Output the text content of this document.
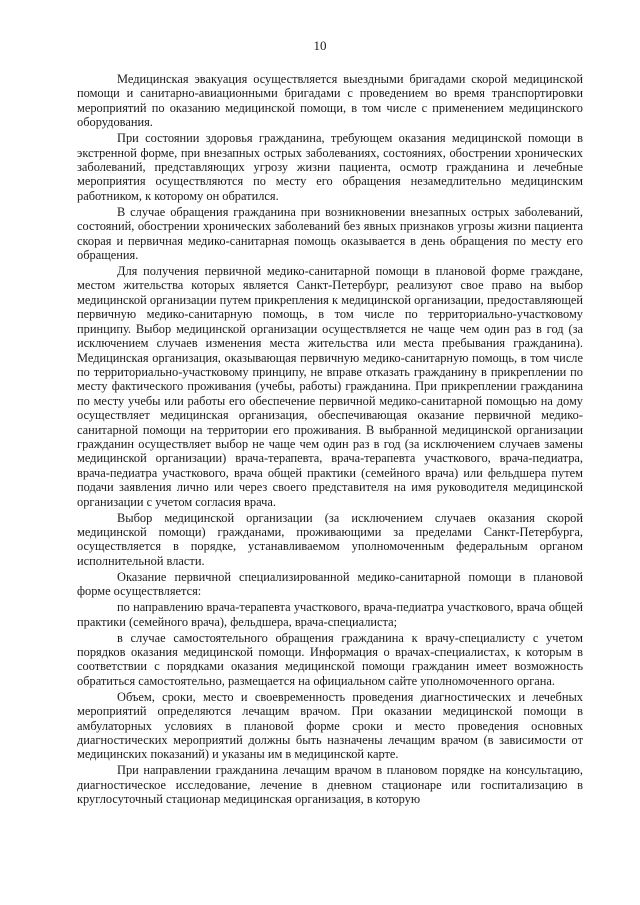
10

Медицинская эвакуация осуществляется выездными бригадами скорой медицинской помощи и санитарно-авиационными бригадами с проведением во время транспортировки мероприятий по оказанию медицинской помощи, в том числе с применением медицинского оборудования.

При состоянии здоровья гражданина, требующем оказания медицинской помощи в экстренной форме, при внезапных острых заболеваниях, состояниях, обострении хронических заболеваний, представляющих угрозу жизни пациента, осмотр гражданина и лечебные мероприятия осуществляются по месту его обращения незамедлительно медицинским работником, к которому он обратился.

В случае обращения гражданина при возникновении внезапных острых заболеваний, состояний, обострении хронических заболеваний без явных признаков угрозы жизни пациента скорая и первичная медико-санитарная помощь оказывается в день обращения по месту его обращения.

Для получения первичной медико-санитарной помощи в плановой форме граждане, местом жительства которых является Санкт-Петербург, реализуют свое право на выбор медицинской организации путем прикрепления к медицинской организации, предоставляющей первичную медико-санитарную помощь, в том числе по территориально-участковому принципу. Выбор медицинской организации осуществляется не чаще чем один раз в год (за исключением случаев изменения места жительства или места пребывания гражданина). Медицинская организация, оказывающая первичную медико-санитарную помощь, в том числе по территориально-участковому принципу, не вправе отказать гражданину в прикреплении по месту фактического проживания (учебы, работы) гражданина. При прикреплении гражданина по месту учебы или работы его обеспечение первичной медико-санитарной помощью на дому осуществляет медицинская организация, обеспечивающая оказание первичной медико-санитарной помощи на территории его проживания. В выбранной медицинской организации гражданин осуществляет выбор не чаще чем один раз в год (за исключением случаев замены медицинской организации) врача-терапевта, врача-терапевта участкового, врача-педиатра, врача-педиатра участкового, врача общей практики (семейного врача) или фельдшера путем подачи заявления лично или через своего представителя на имя руководителя медицинской организации с учетом согласия врача.

Выбор медицинской организации (за исключением случаев оказания скорой медицинской помощи) гражданами, проживающими за пределами Санкт-Петербурга, осуществляется в порядке, устанавливаемом уполномоченным федеральным органом исполнительной власти.

Оказание первичной специализированной медико-санитарной помощи в плановой форме осуществляется:

по направлению врача-терапевта участкового, врача-педиатра участкового, врача общей практики (семейного врача), фельдшера, врача-специалиста;

в случае самостоятельного обращения гражданина к врачу-специалисту с учетом порядков оказания медицинской помощи. Информация о врачах-специалистах, к которым в соответствии с порядками оказания медицинской помощи гражданин имеет возможность обратиться самостоятельно, размещается на официальном сайте уполномоченного органа.

Объем, сроки, место и своевременность проведения диагностических и лечебных мероприятий определяются лечащим врачом. При оказании медицинской помощи в амбулаторных условиях в плановой форме сроки и место проведения основных диагностических мероприятий должны быть назначены лечащим врачом (в зависимости от медицинских показаний) и указаны им в медицинской карте.

При направлении гражданина лечащим врачом в плановом порядке на консультацию, диагностическое исследование, лечение в дневном стационаре или госпитализацию в круглосуточный стационар медицинская организация, в которую
